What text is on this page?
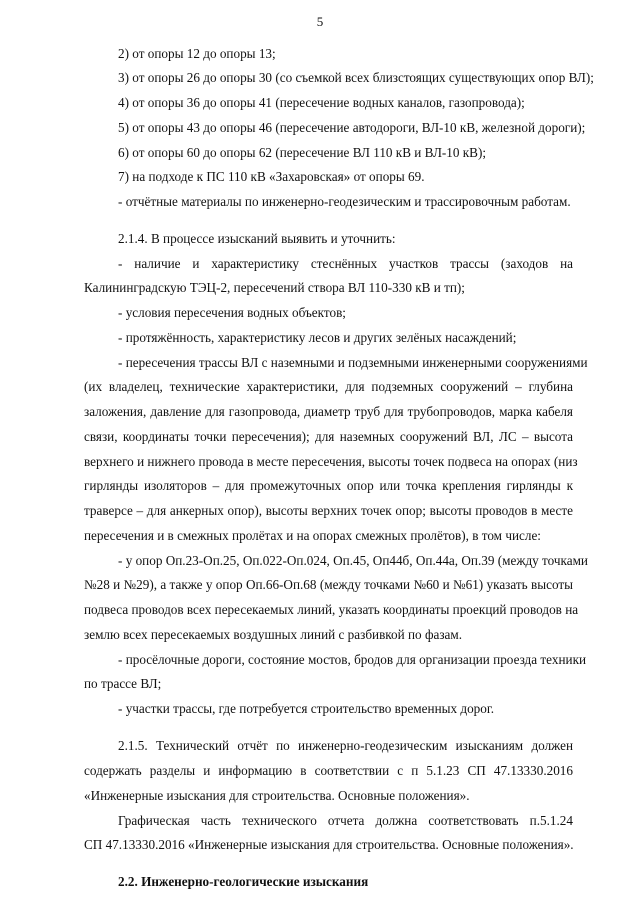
5
2) от опоры 12 до опоры 13;
3) от опоры 26 до опоры 30 (со съемкой всех близстоящих существующих опор ВЛ);
4) от опоры 36 до опоры 41 (пересечение водных каналов, газопровода);
5) от опоры 43 до опоры 46 (пересечение автодороги, ВЛ-10 кВ, железной дороги);
6) от опоры 60 до опоры 62 (пересечение ВЛ 110 кВ и ВЛ-10 кВ);
7) на подходе к ПС 110 кВ «Захаровская» от опоры 69.
- отчётные материалы по инженерно-геодезическим и трассировочным работам.
2.1.4. В процессе изысканий выявить и уточнить:
- наличие и характеристику стеснённых участков трассы (заходов на
Калининградскую ТЭЦ-2, пересечений створа ВЛ 110-330 кВ и тп);
- условия пересечения водных объектов;
- протяжённость, характеристику лесов и других зелёных насаждений;
- пересечения трассы ВЛ с наземными и подземными инженерными сооружениями
(их владелец, технические характеристики, для подземных сооружений – глубина
заложения, давление для газопровода, диаметр труб для трубопроводов, марка кабеля
связи, координаты точки пересечения); для наземных сооружений ВЛ, ЛС – высота
верхнего и нижнего провода в месте пересечения, высоты точек подвеса на опорах (низ
гирлянды изоляторов – для промежуточных опор или точка крепления гирлянды к
траверсе – для анкерных опор), высоты верхних точек опор; высоты проводов в месте
пересечения и в смежных пролётах и на опорах смежных пролётов), в том числе:
- у опор Оп.23-Оп.25, Оп.022-Оп.024, Оп.45, Оп44б, Оп.44а, Оп.39 (между точками
№28 и №29), а также у опор Оп.66-Оп.68 (между точками №60 и №61) указать высоты
подвеса проводов всех пересекаемых линий, указать координаты проекций проводов на
землю всех пересекаемых воздушных линий с разбивкой по фазам.
- просёлочные дороги, состояние мостов, бродов для организации проезда техники
по трассе ВЛ;
- участки трассы, где потребуется строительство временных дорог.
2.1.5. Технический отчёт по инженерно-геодезическим изысканиям должен
содержать разделы и информацию в соответствии с п 5.1.23 СП 47.13330.2016
«Инженерные изыскания для строительства. Основные положения».
Графическая часть технического отчета должна соответствовать п.5.1.24
СП 47.13330.2016 «Инженерные изыскания для строительства. Основные положения».
2.2. Инженерно-геологические изыскания
